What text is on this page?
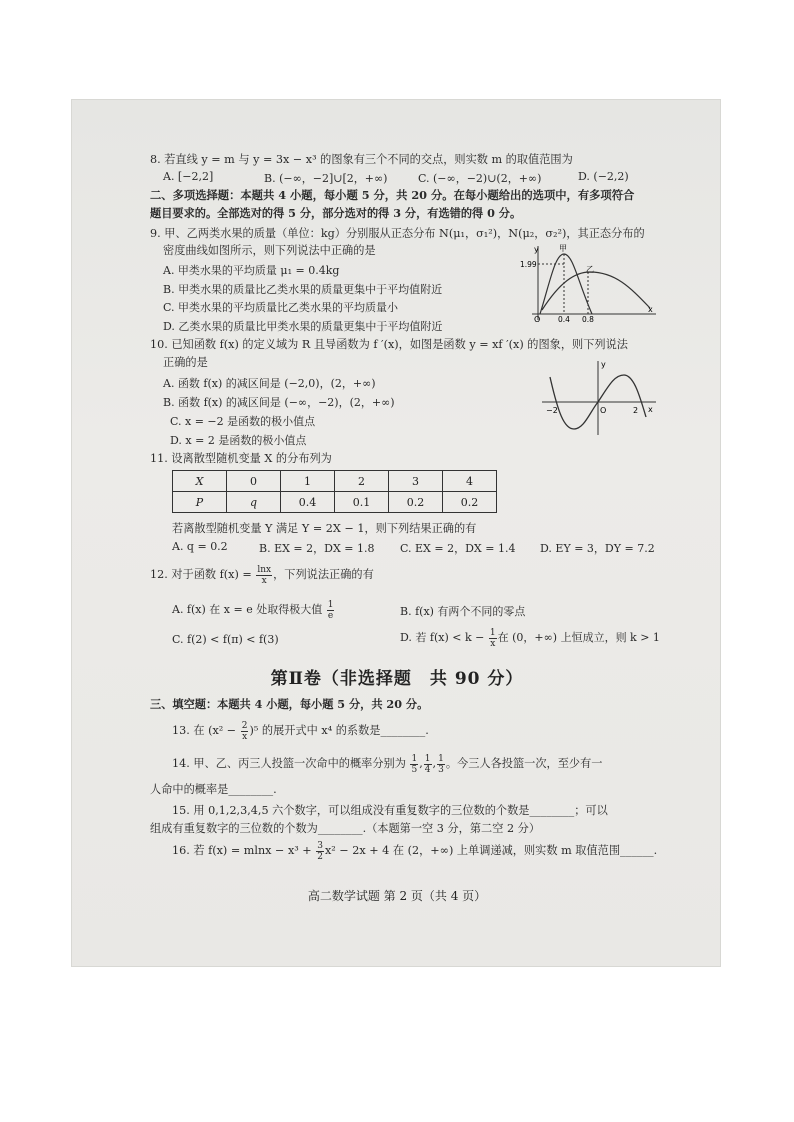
8. 若直线 y = m 与 y = 3x − x³ 的图象有三个不同的交点，则实数 m 的取值范围为
A. [−2,2]	B. (−∞，−2]∪[2，+∞)	C. (−∞，−2)∪(2，+∞)	D. (−2,2)
二、多项选择题：本题共 4 小题，每小题 5 分，共 20 分。在每小题给出的选项中，有多项符合
题目要求的。全部选对的得 5 分，部分选对的得 3 分，有选错的得 0 分。
9. 甲、乙两类水果的质量（单位：kg）分别服从正态分布 N(μ₁，σ₁²)，N(μ₂，σ₂²)，其正态分布的
密度曲线如图所示，则下列说法中正确的是
A. 甲类水果的平均质量 μ₁ = 0.4kg
B. 甲类水果的质量比乙类水果的质量更集中于平均值附近
C. 甲类水果的平均质量比乙类水果的平均质量小
D. 乙类水果的质量比甲类水果的质量更集中于平均值附近
y
x
O
1.99
0.4 0.8
甲
乙
10. 已知函数 f(x) 的定义域为 R 且导函数为 f ′(x)，如图是函数 y = xf ′(x) 的图象，则下列说法
正确的是
A. 函数 f(x) 的减区间是 (−2,0)，(2，+∞)
B. 函数 f(x) 的减区间是 (−∞，−2)，(2，+∞)
C. x = −2 是函数的极小值点
D. x = 2 是函数的极小值点
y
x
O
−2	2
11. 设离散型随机变量 X 的分布列为
X	0	1	2	3	4
P	q	0.4	0.1	0.2	0.2
若离散型随机变量 Y 满足 Y = 2X − 1，则下列结果正确的有
A. q = 0.2	B. EX = 2，DX = 1.8 C. EX = 2，DX = 1.4 D. EY = 3，DY = 7.2
12. 对于函数 $f(x) = \frac{\ln x}{x}$ ，下列说法正确的有
A. f(x) 在 x = e 处取得极大值 $\frac{1}{e}$	B. f(x) 有两个不同的零点
C. f(2) < f(π) < f(3)	D. 若 $f(x) < k - \frac{1}{x}$ 在 (0，+∞) 上恒成立，则 k > 1
第Ⅱ卷（非选择题　共 90 分）
三、填空题：本题共 4 小题，每小题 5 分，共 20 分。
13. 在 $(x^2 - \frac{2}{x} )^5$ 的展开式中 x⁴ 的系数是________.
14. 甲、乙、丙三人投篮一次命中的概率分别为 $\frac{1}{5}$ , $\frac{1}{4}$ , $\frac{1}{3}$ 。今三人各投篮一次，至少有一
人命中的概率是________.
15. 用 0,1,2,3,4,5 六个数字，可以组成没有重复数字的三位数的个数是________；可以
组成有重复数字的三位数的个数为________.（本题第一空 3 分，第二空 2 分）
16. 若 $f(x) = mlnx - x^3 + \frac{3}{2} x^2 - 2x + 4$ 在 (2，+∞) 上单调递减，则实数 m 取值范围______.
高二数学试题 第 2 页（共 4 页）
